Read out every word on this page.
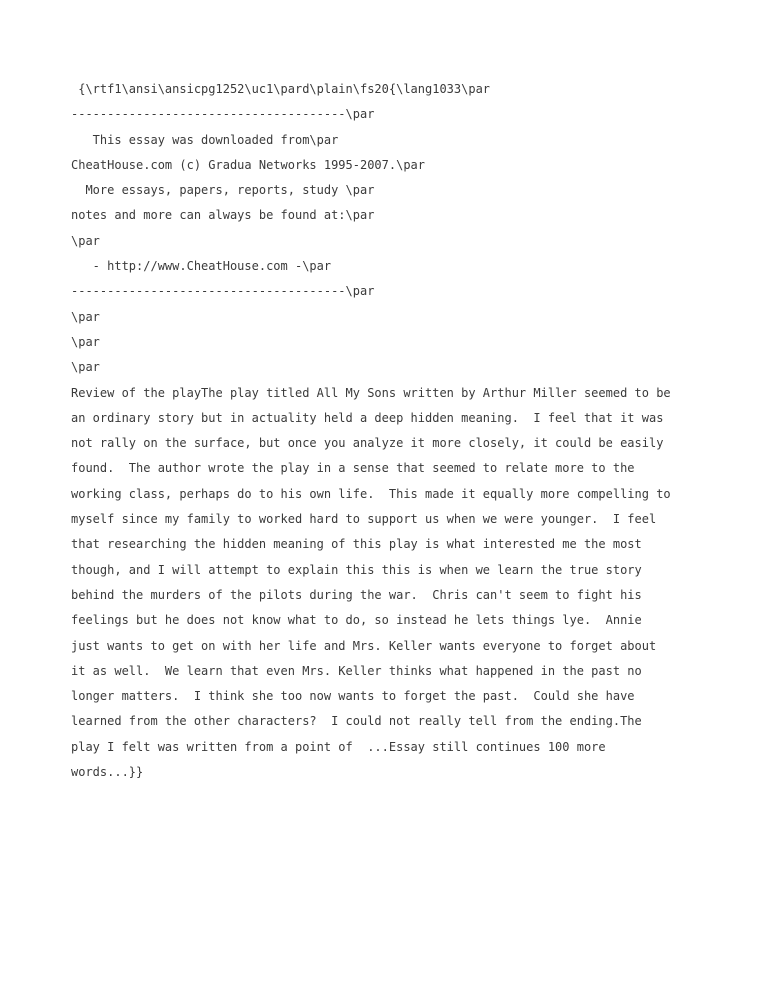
{\rtf1\ansi\ansicpg1252\uc1\pard\plain\fs20{\lang1033\par
--------------------------------------\par
This essay was downloaded from\par
CheatHouse.com (c) Gradua Networks 1995-2007.\par
More essays, papers, reports, study \par
notes and more can always be found at:\par
\par
- http://www.CheatHouse.com -\par
--------------------------------------\par
\par
\par
\par
Review of the playThe play titled All My Sons written by Arthur Miller seemed to be
an ordinary story but in actuality held a deep hidden meaning.  I feel that it was
not rally on the surface, but once you analyze it more closely, it could be easily
found.  The author wrote the play in a sense that seemed to relate more to the
working class, perhaps do to his own life.  This made it equally more compelling to
myself since my family to worked hard to support us when we were younger.  I feel
that researching the hidden meaning of this play is what interested me the most
though, and I will attempt to explain this this is when we learn the true story
behind the murders of the pilots during the war.  Chris can't seem to fight his
feelings but he does not know what to do, so instead he lets things lye.  Annie
just wants to get on with her life and Mrs. Keller wants everyone to forget about
it as well.  We learn that even Mrs. Keller thinks what happened in the past no
longer matters.  I think she too now wants to forget the past.  Could she have
learned from the other characters?  I could not really tell from the ending.The
play I felt was written from a point of  ...Essay still continues 100 more
words...}}
